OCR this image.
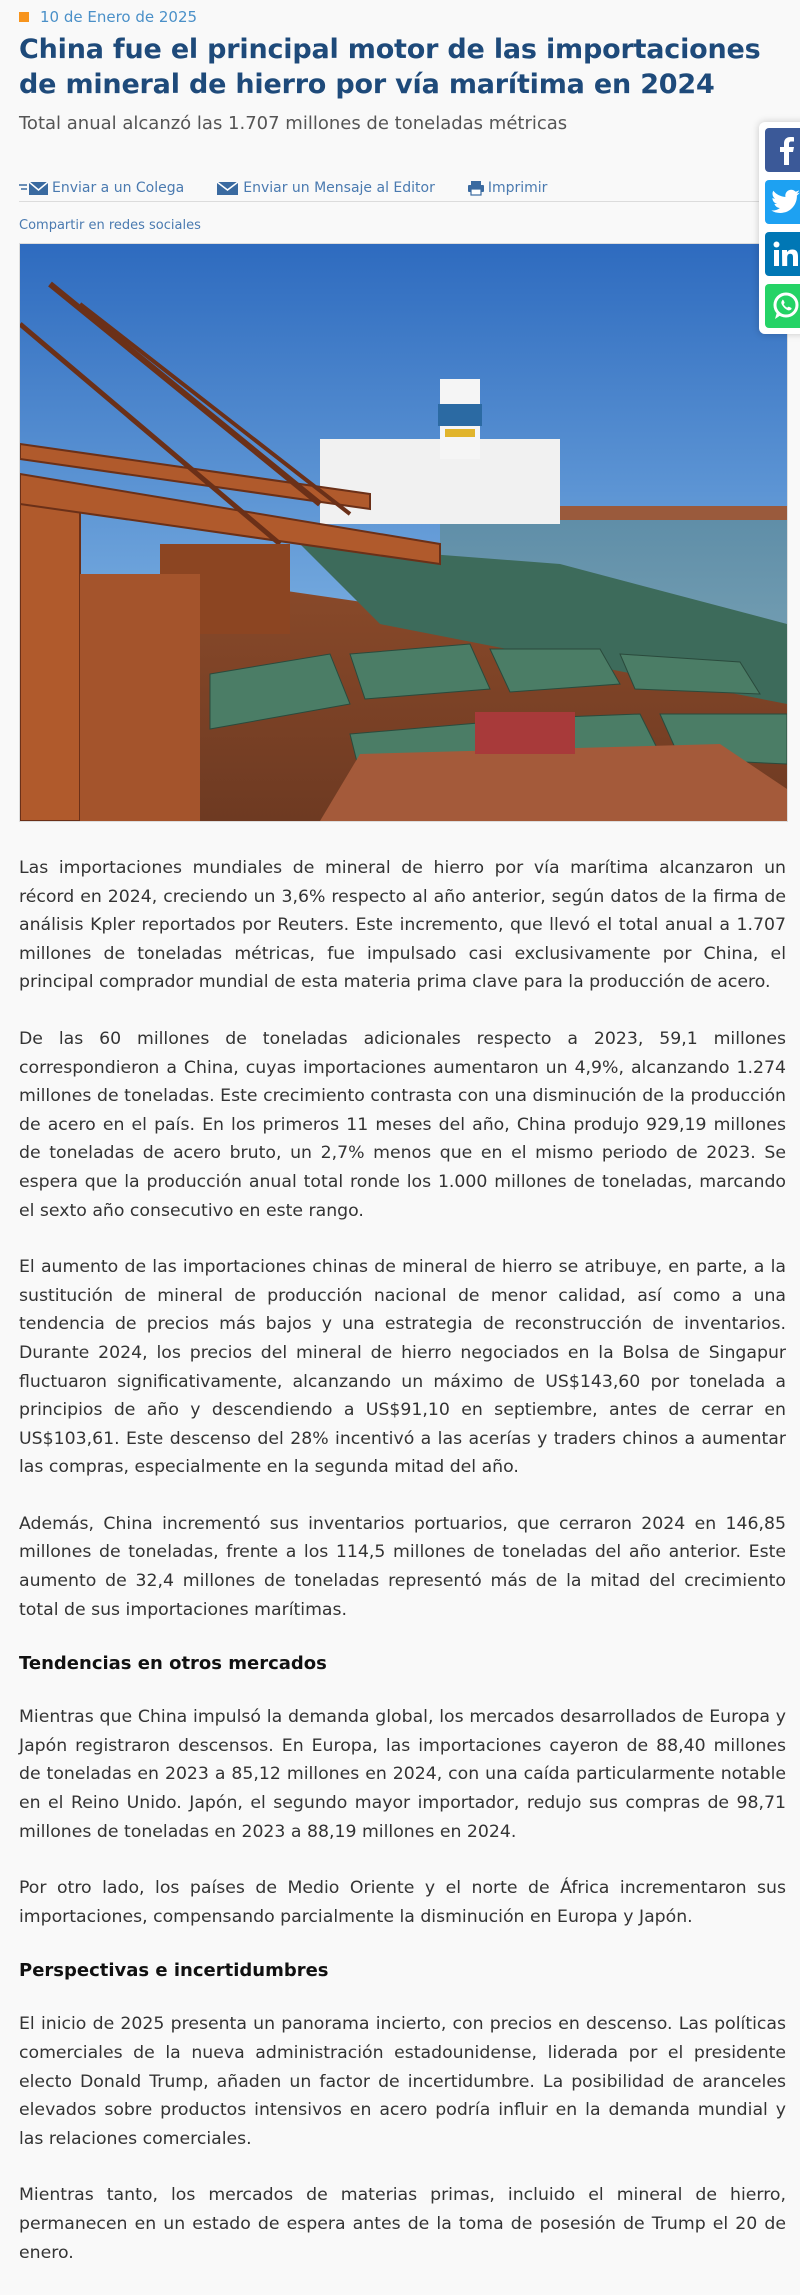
10 de Enero de 2025
China fue el principal motor de las importaciones de mineral de hierro por vía marítima en 2024
Total anual alcanzó las 1.707 millones de toneladas métricas
Enviar a un Colega	Enviar un Mensaje al Editor	Imprimir
Compartir en redes sociales

Las importaciones mundiales de mineral de hierro por vía marítima alcanzaron un récord en 2024, creciendo un 3,6% respecto al año anterior, según datos de la firma de análisis Kpler reportados por Reuters. Este incremento, que llevó el total anual a 1.707 millones de toneladas métricas, fue impulsado casi exclusivamente por China, el principal comprador mundial de esta materia prima clave para la producción de acero.

De las 60 millones de toneladas adicionales respecto a 2023, 59,1 millones correspondieron a China, cuyas importaciones aumentaron un 4,9%, alcanzando 1.274 millones de toneladas. Este crecimiento contrasta con una disminución de la producción de acero en el país. En los primeros 11 meses del año, China produjo 929,19 millones de toneladas de acero bruto, un 2,7% menos que en el mismo periodo de 2023. Se espera que la producción anual total ronde los 1.000 millones de toneladas, marcando el sexto año consecutivo en este rango.

El aumento de las importaciones chinas de mineral de hierro se atribuye, en parte, a la sustitución de mineral de producción nacional de menor calidad, así como a una tendencia de precios más bajos y una estrategia de reconstrucción de inventarios. Durante 2024, los precios del mineral de hierro negociados en la Bolsa de Singapur fluctuaron significativamente, alcanzando un máximo de US$143,60 por tonelada a principios de año y descendiendo a US$91,10 en septiembre, antes de cerrar en US$103,61. Este descenso del 28% incentivó a las acerías y traders chinos a aumentar las compras, especialmente en la segunda mitad del año.

Además, China incrementó sus inventarios portuarios, que cerraron 2024 en 146,85 millones de toneladas, frente a los 114,5 millones de toneladas del año anterior. Este aumento de 32,4 millones de toneladas representó más de la mitad del crecimiento total de sus importaciones marítimas.

Tendencias en otros mercados

Mientras que China impulsó la demanda global, los mercados desarrollados de Europa y Japón registraron descensos. En Europa, las importaciones cayeron de 88,40 millones de toneladas en 2023 a 85,12 millones en 2024, con una caída particularmente notable en el Reino Unido. Japón, el segundo mayor importador, redujo sus compras de 98,71 millones de toneladas en 2023 a 88,19 millones en 2024.

Por otro lado, los países de Medio Oriente y el norte de África incrementaron sus importaciones, compensando parcialmente la disminución en Europa y Japón.

Perspectivas e incertidumbres

El inicio de 2025 presenta un panorama incierto, con precios en descenso. Las políticas comerciales de la nueva administración estadounidense, liderada por el presidente electo Donald Trump, añaden un factor de incertidumbre. La posibilidad de aranceles elevados sobre productos intensivos en acero podría influir en la demanda mundial y las relaciones comerciales.

Mientras tanto, los mercados de materias primas, incluido el mineral de hierro, permanecen en un estado de espera antes de la toma de posesión de Trump el 20 de enero.
